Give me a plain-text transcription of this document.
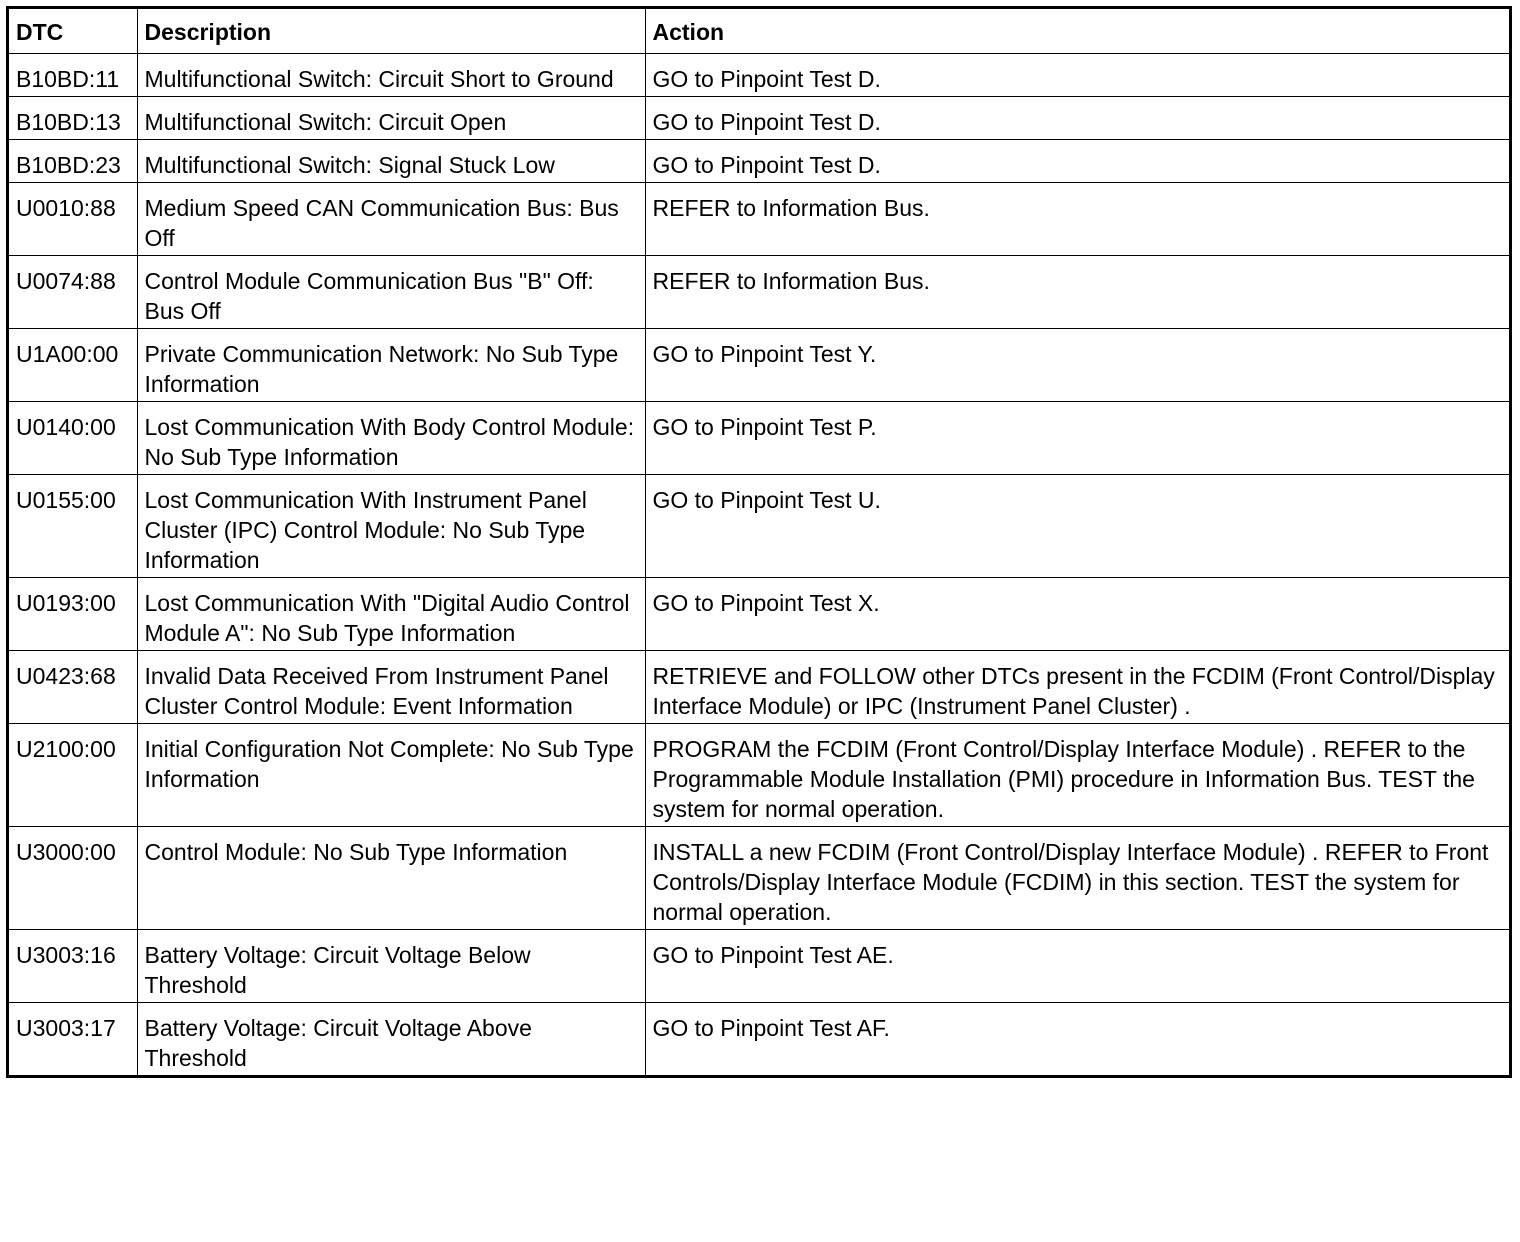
DTC	Description	Action
B10BD:11	Multifunctional Switch: Circuit Short to Ground	GO to Pinpoint Test D.
B10BD:13	Multifunctional Switch: Circuit Open	GO to Pinpoint Test D.
B10BD:23	Multifunctional Switch: Signal Stuck Low	GO to Pinpoint Test D.
U0010:88	Medium Speed CAN Communication Bus: Bus Off	REFER to Information Bus.
U0074:88	Control Module Communication Bus "B" Off: Bus Off	REFER to Information Bus.
U1A00:00	Private Communication Network: No Sub Type Information	GO to Pinpoint Test Y.
U0140:00	Lost Communication With Body Control Module: No Sub Type Information	GO to Pinpoint Test P.
U0155:00	Lost Communication With Instrument Panel Cluster (IPC) Control Module: No Sub Type Information	GO to Pinpoint Test U.
U0193:00	Lost Communication With "Digital Audio Control Module A": No Sub Type Information	GO to Pinpoint Test X.
U0423:68	Invalid Data Received From Instrument Panel Cluster Control Module: Event Information	RETRIEVE and FOLLOW other DTCs present in the FCDIM (Front Control/Display Interface Module) or IPC (Instrument Panel Cluster) .
U2100:00	Initial Configuration Not Complete: No Sub Type Information	PROGRAM the FCDIM (Front Control/Display Interface Module) . REFER to the Programmable Module Installation (PMI) procedure in Information Bus. TEST the system for normal operation.
U3000:00	Control Module: No Sub Type Information	INSTALL a new FCDIM (Front Control/Display Interface Module) . REFER to Front Controls/Display Interface Module (FCDIM) in this section. TEST the system for normal operation.
U3003:16	Battery Voltage: Circuit Voltage Below Threshold	GO to Pinpoint Test AE.
U3003:17	Battery Voltage: Circuit Voltage Above Threshold	GO to Pinpoint Test AF.
